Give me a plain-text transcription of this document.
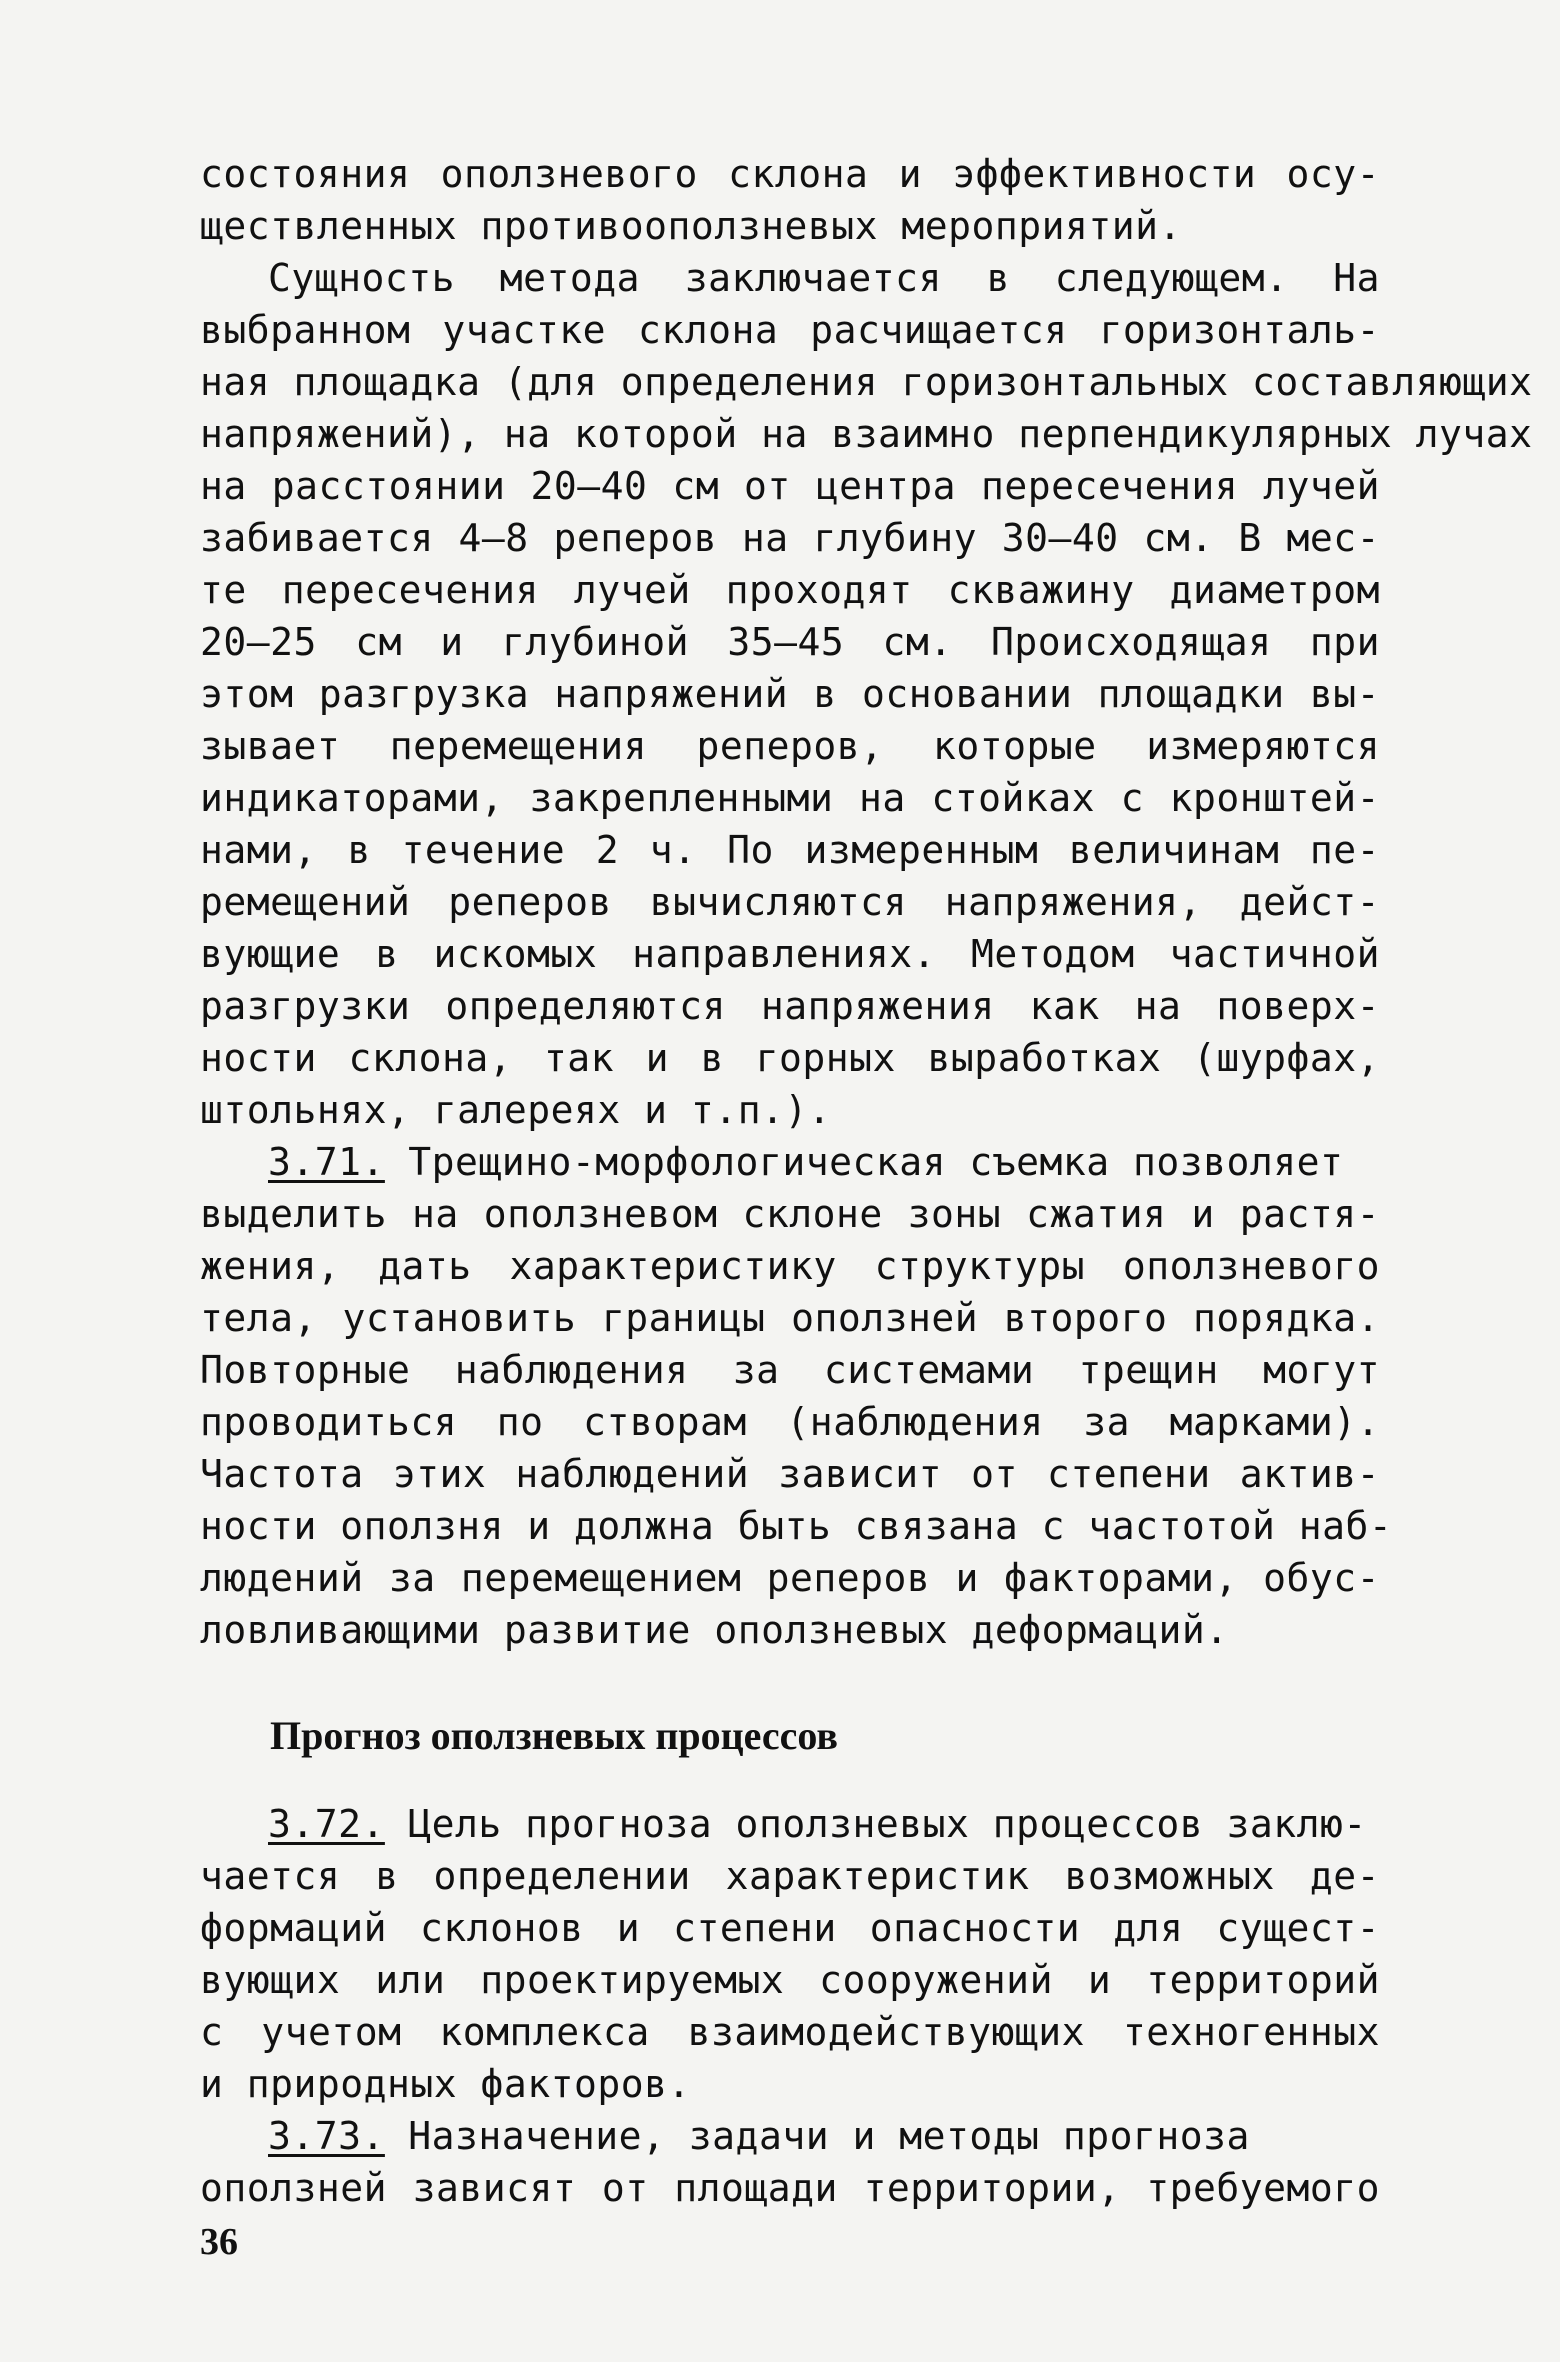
состояния оползневого склона и эффективности осу-
ществленных противооползневых мероприятий.
Сущность метода заключается в следующем. На
выбранном участке склона расчищается горизонталь-
ная площадка (для определения горизонтальных составляющих
напряжений), на которой на взаимно перпендикулярных лучах
на расстоянии 20–40 см от центра пересечения лучей
забивается 4–8 реперов на глубину 30–40 см. В мес-
те пересечения лучей проходят скважину диаметром
20–25 см и глубиной 35–45 см. Происходящая при
этом разгрузка напряжений в основании площадки вы-
зывает перемещения реперов, которые измеряются
индикаторами, закрепленными на стойках с кронштей-
нами, в течение 2 ч. По измеренным величинам пе-
ремещений реперов вычисляются напряжения, дейст-
вующие в искомых направлениях. Методом частичной
разгрузки определяются напряжения как на поверх-
ности склона, так и в горных выработках (шурфах,
штольнях, галереях и т.п.).
3.71. Трещино-морфологическая съемка позволяет
выделить на оползневом склоне зоны сжатия и растя-
жения, дать характеристику структуры оползневого
тела, установить границы оползней второго порядка.
Повторные наблюдения за системами трещин могут
проводиться по створам (наблюдения за марками).
Частота этих наблюдений зависит от степени актив-
ности оползня и должна быть связана с частотой наб-
людений за перемещением реперов и факторами, обус-
ловливающими развитие оползневых деформаций.
Прогноз оползневых процессов
3.72. Цель прогноза оползневых процессов заклю-
чается в определении характеристик возможных де-
формаций склонов и степени опасности для сущест-
вующих или проектируемых сооружений и территорий
с учетом комплекса взаимодействующих техногенных
и природных факторов.
3.73. Назначение, задачи и методы прогноза
оползней зависят от площади территории, требуемого
36
